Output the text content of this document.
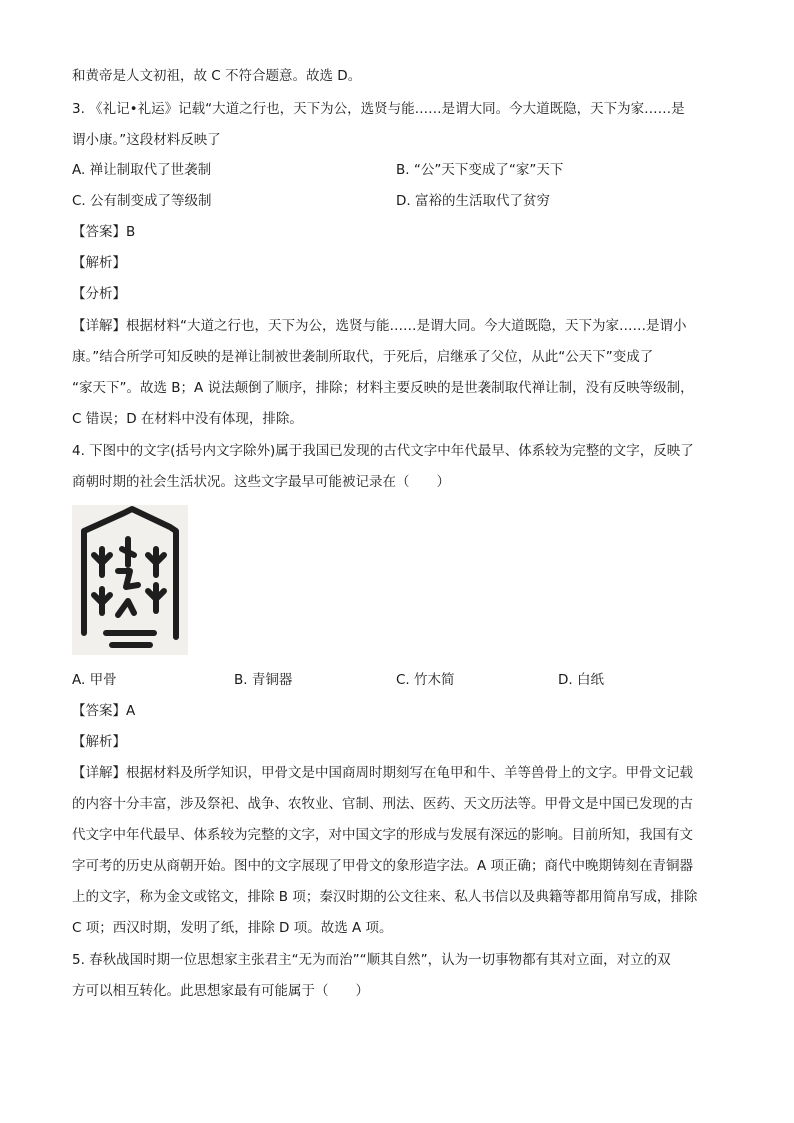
和黄帝是人文初祖，故 C 不符合题意。故选 D。
3. 《礼记•礼运》记载“大道之行也，天下为公，选贤与能……是谓大同。今大道既隐，天下为家……是
谓小康。”这段材料反映了
A. 禅让制取代了世袭制	B. “公”天下变成了“家”天下
C. 公有制变成了等级制	D. 富裕的生活取代了贫穷
【答案】B
【解析】
【分析】
【详解】根据材料“大道之行也，天下为公，选贤与能……是谓大同。今大道既隐，天下为家……是谓小
康。”结合所学可知反映的是禅让制被世袭制所取代，于死后，启继承了父位，从此“公天下”变成了
“家天下”。故选 B；A 说法颠倒了顺序，排除；材料主要反映的是世袭制取代禅让制，没有反映等级制，
C 错误；D 在材料中没有体现，排除。
4. 下图中的文字(括号内文字除外)属于我国已发现的古代文字中年代最早、体系较为完整的文字，反映了
商朝时期的社会生活状况。这些文字最早可能被记录在（　　）
A. 甲骨	B. 青铜器	C. 竹木简	D. 白纸
【答案】A
【解析】
【详解】根据材料及所学知识，甲骨文是中国商周时期刻写在龟甲和牛、羊等兽骨上的文字。甲骨文记载
的内容十分丰富，涉及祭祀、战争、农牧业、官制、刑法、医药、天文历法等。甲骨文是中国已发现的古
代文字中年代最早、体系较为完整的文字，对中国文字的形成与发展有深远的影响。目前所知，我国有文
字可考的历史从商朝开始。图中的文字展现了甲骨文的象形造字法。A 项正确；商代中晚期铸刻在青铜器
上的文字，称为金文或铭文，排除 B 项；秦汉时期的公文往来、私人书信以及典籍等都用简帛写成，排除
C 项；西汉时期，发明了纸，排除 D 项。故选 A 项。
5. 春秋战国时期一位思想家主张君主“无为而治”“顺其自然”，认为一切事物都有其对立面，对立的双
方可以相互转化。此思想家最有可能属于（　　）
